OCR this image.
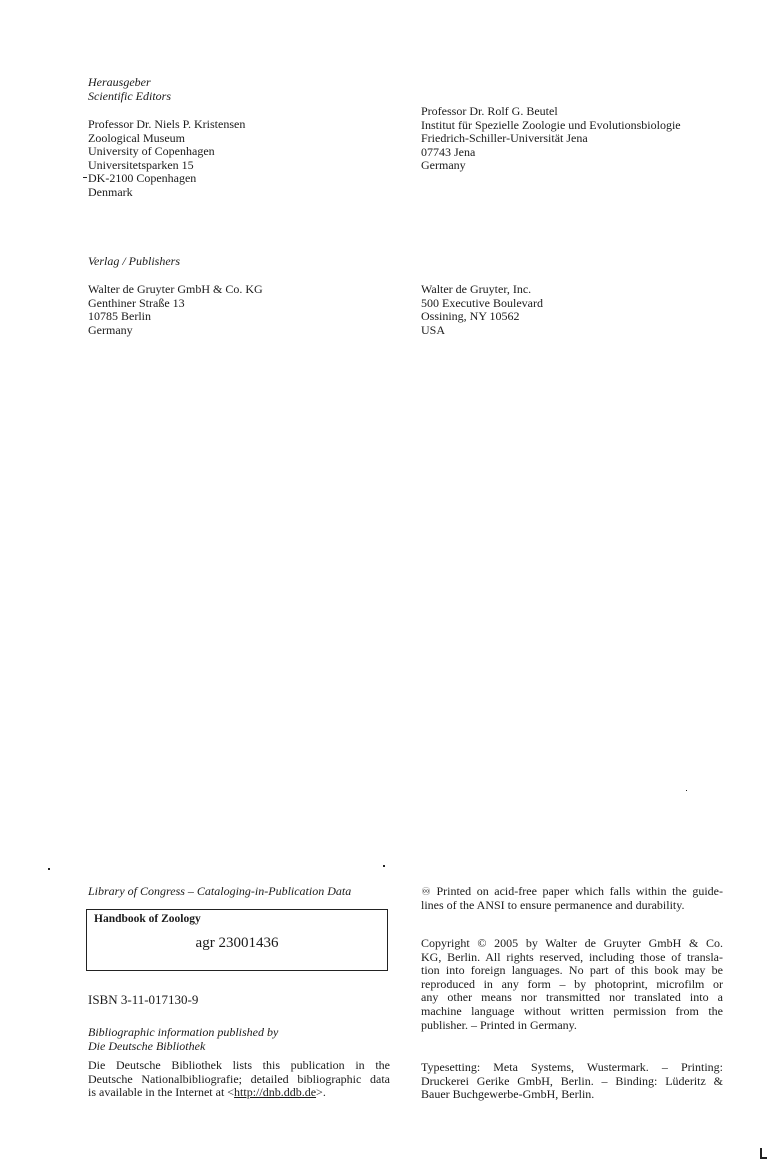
Herausgeber
Scientific Editors
Professor Dr. Niels P. Kristensen
Zoological Museum
University of Copenhagen
Universitetsparken 15
DK-2100 Copenhagen
Denmark
Professor Dr. Rolf G. Beutel
Institut für Spezielle Zoologie und Evolutionsbiologie
Friedrich-Schiller-Universität Jena
07743 Jena
Germany
Verlag / Publishers
Walter de Gruyter GmbH & Co. KG
Genthiner Straße 13
10785 Berlin
Germany
Walter de Gruyter, Inc.
500 Executive Boulevard
Ossining, NY 10562
USA
Library of Congress – Cataloging-in-Publication Data
Handbook of Zoology
agr 23001436
ISBN 3-11-017130-9
Bibliographic information published by
Die Deutsche Bibliothek
Die Deutsche Bibliothek lists this publication in the
Deutsche Nationalbibliografie; detailed bibliographic data
is available in the Internet at <http://dnb.ddb.de>.
♾ Printed on acid-free paper which falls within the guide-
lines of the ANSI to ensure permanence and durability.
Copyright © 2005 by Walter de Gruyter GmbH & Co.
KG, Berlin. All rights reserved, including those of transla-
tion into foreign languages. No part of this book may be
reproduced in any form – by photoprint, microfilm or
any other means nor transmitted nor translated into a
machine language without written permission from the
publisher. – Printed in Germany.
Typesetting: Meta Systems, Wustermark. – Printing:
Druckerei Gerike GmbH, Berlin. – Binding: Lüderitz &
Bauer Buchgewerbe-GmbH, Berlin.
